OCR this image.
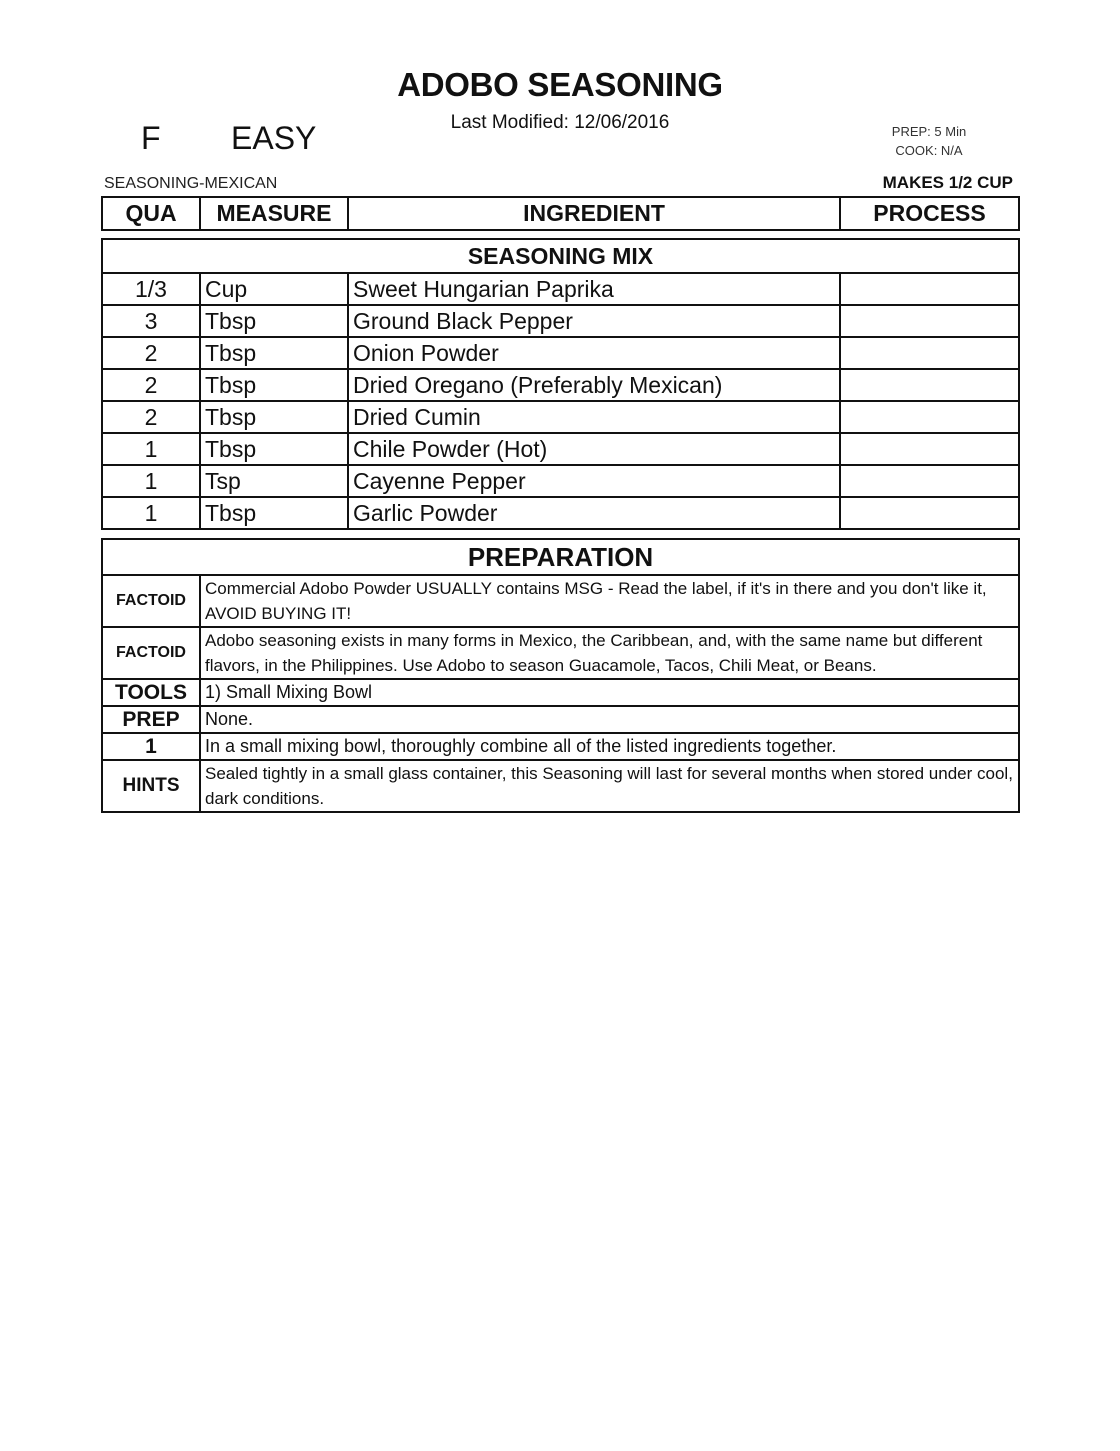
ADOBO SEASONING
Last Modified: 12/06/2016
F EASY	PREP: 5 Min
COOK: N/A
SEASONING-MEXICAN	MAKES 1/2 CUP
QUA	MEASURE	INGREDIENT	PROCESS
SEASONING MIX			
1/3	Cup	Sweet Hungarian Paprika	
3	Tbsp	Ground Black Pepper	
2	Tbsp	Onion Powder	
2	Tbsp	Dried Oregano (Preferably Mexican)	
2	Tbsp	Dried Cumin	
1	Tbsp	Chile Powder (Hot)	
1	Tsp	Cayenne Pepper	
1	Tbsp	Garlic Powder	
PREPARATION	
FACTOID	Commercial Adobo Powder USUALLY contains MSG - Read the label, if it's in there and you don't like it, AVOID BUYING IT!
FACTOID	Adobo seasoning exists in many forms in Mexico, the Caribbean, and, with the same name but different flavors, in the Philippines. Use Adobo to season Guacamole, Tacos, Chili Meat, or Beans.
TOOLS	1) Small Mixing Bowl
PREP	None.
1	In a small mixing bowl, thoroughly combine all of the listed ingredients together.
HINTS	Sealed tightly in a small glass container, this Seasoning will last for several months when stored under cool, dark conditions.
